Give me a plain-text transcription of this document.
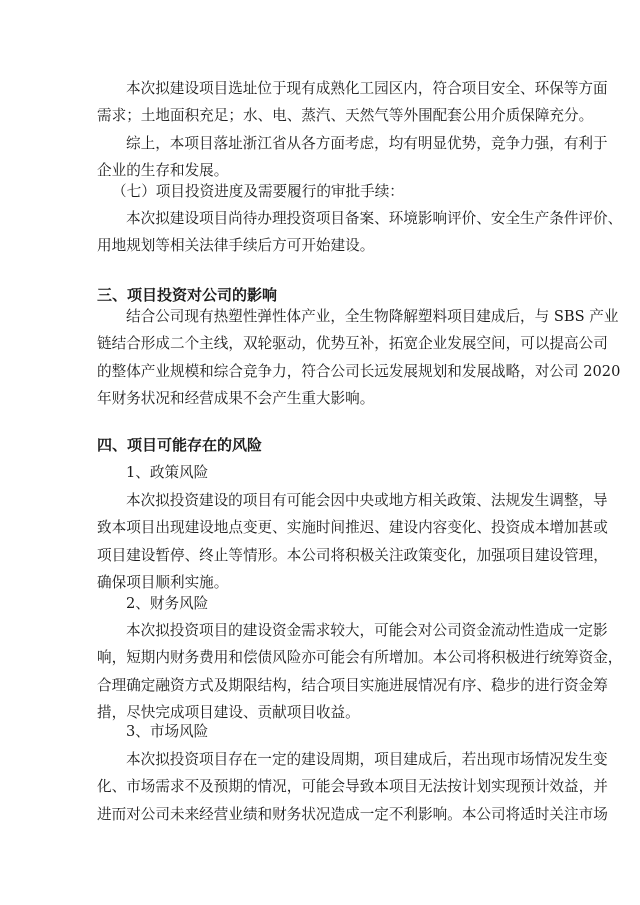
本次拟建设项目选址位于现有成熟化工园区内，符合项目安全、环保等方面
需求；土地面积充足；水、电、蒸汽、天然气等外围配套公用介质保障充分。

综上，本项目落址浙江省从各方面考虑，均有明显优势，竞争力强，有利于
企业的生存和发展。

（七）项目投资进度及需要履行的审批手续：

本次拟建设项目尚待办理投资项目备案、环境影响评价、安全生产条件评价、
用地规划等相关法律手续后方可开始建设。

三、项目投资对公司的影响

结合公司现有热塑性弹性体产业，全生物降解塑料项目建成后，与 SBS 产业
链结合形成二个主线，双轮驱动，优势互补，拓宽企业发展空间，可以提高公司
的整体产业规模和综合竞争力，符合公司长远发展规划和发展战略，对公司 2020
年财务状况和经营成果不会产生重大影响。

四、项目可能存在的风险

1、政策风险

本次拟投资建设的项目有可能会因中央或地方相关政策、法规发生调整，导
致本项目出现建设地点变更、实施时间推迟、建设内容变化、投资成本增加甚或
项目建设暂停、终止等情形。本公司将积极关注政策变化，加强项目建设管理，
确保项目顺利实施。

2、财务风险

本次拟投资项目的建设资金需求较大，可能会对公司资金流动性造成一定影
响，短期内财务费用和偿债风险亦可能会有所增加。本公司将积极进行统筹资金，
合理确定融资方式及期限结构，结合项目实施进展情况有序、稳步的进行资金筹
措，尽快完成项目建设、贡献项目收益。

3、市场风险

本次拟投资项目存在一定的建设周期，项目建成后，若出现市场情况发生变
化、市场需求不及预期的情况，可能会导致本项目无法按计划实现预计效益，并
进而对公司未来经营业绩和财务状况造成一定不利影响。本公司将适时关注市场
